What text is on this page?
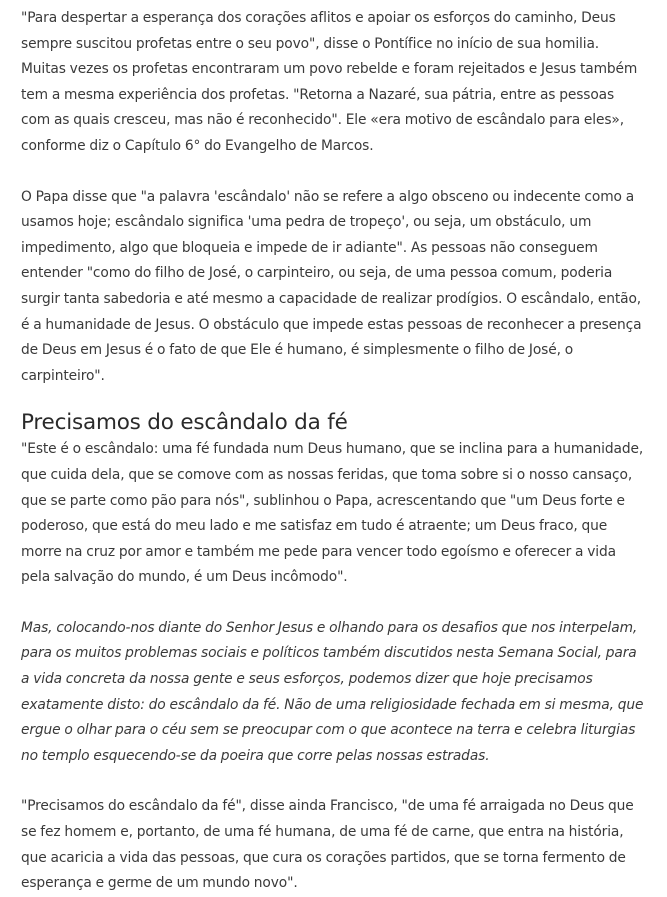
"Para despertar a esperança dos corações aflitos e apoiar os esforços do caminho, Deus sempre suscitou profetas entre o seu povo", disse o Pontífice no início de sua homilia. Muitas vezes os profetas encontraram um povo rebelde e foram rejeitados e Jesus também tem a mesma experiência dos profetas. "Retorna a Nazaré, sua pátria, entre as pessoas com as quais cresceu, mas não é reconhecido". Ele «era motivo de escândalo para eles», conforme diz o Capítulo 6° do Evangelho de Marcos.

O Papa disse que "a palavra 'escândalo' não se refere a algo obsceno ou indecente como a usamos hoje; escândalo significa 'uma pedra de tropeço', ou seja, um obstáculo, um impedimento, algo que bloqueia e impede de ir adiante". As pessoas não conseguem entender "como do filho de José, o carpinteiro, ou seja, de uma pessoa comum, poderia surgir tanta sabedoria e até mesmo a capacidade de realizar prodígios. O escândalo, então, é a humanidade de Jesus. O obstáculo que impede estas pessoas de reconhecer a presença de Deus em Jesus é o fato de que Ele é humano, é simplesmente o filho de José, o carpinteiro".

Precisamos do escândalo da fé

"Este é o escândalo: uma fé fundada num Deus humano, que se inclina para a humanidade, que cuida dela, que se comove com as nossas feridas, que toma sobre si o nosso cansaço, que se parte como pão para nós", sublinhou o Papa, acrescentando que "um Deus forte e poderoso, que está do meu lado e me satisfaz em tudo é atraente; um Deus fraco, que morre na cruz por amor e também me pede para vencer todo egoísmo e oferecer a vida pela salvação do mundo, é um Deus incômodo".

Mas, colocando-nos diante do Senhor Jesus e olhando para os desafios que nos interpelam, para os muitos problemas sociais e políticos também discutidos nesta Semana Social, para a vida concreta da nossa gente e seus esforços, podemos dizer que hoje precisamos exatamente disto: do escândalo da fé. Não de uma religiosidade fechada em si mesma, que ergue o olhar para o céu sem se preocupar com o que acontece na terra e celebra liturgias no templo esquecendo-se da poeira que corre pelas nossas estradas.

"Precisamos do escândalo da fé", disse ainda Francisco, "de uma fé arraigada no Deus que se fez homem e, portanto, de uma fé humana, de uma fé de carne, que entra na história, que acaricia a vida das pessoas, que cura os corações partidos, que se torna fermento de esperança e germe de um mundo novo".
